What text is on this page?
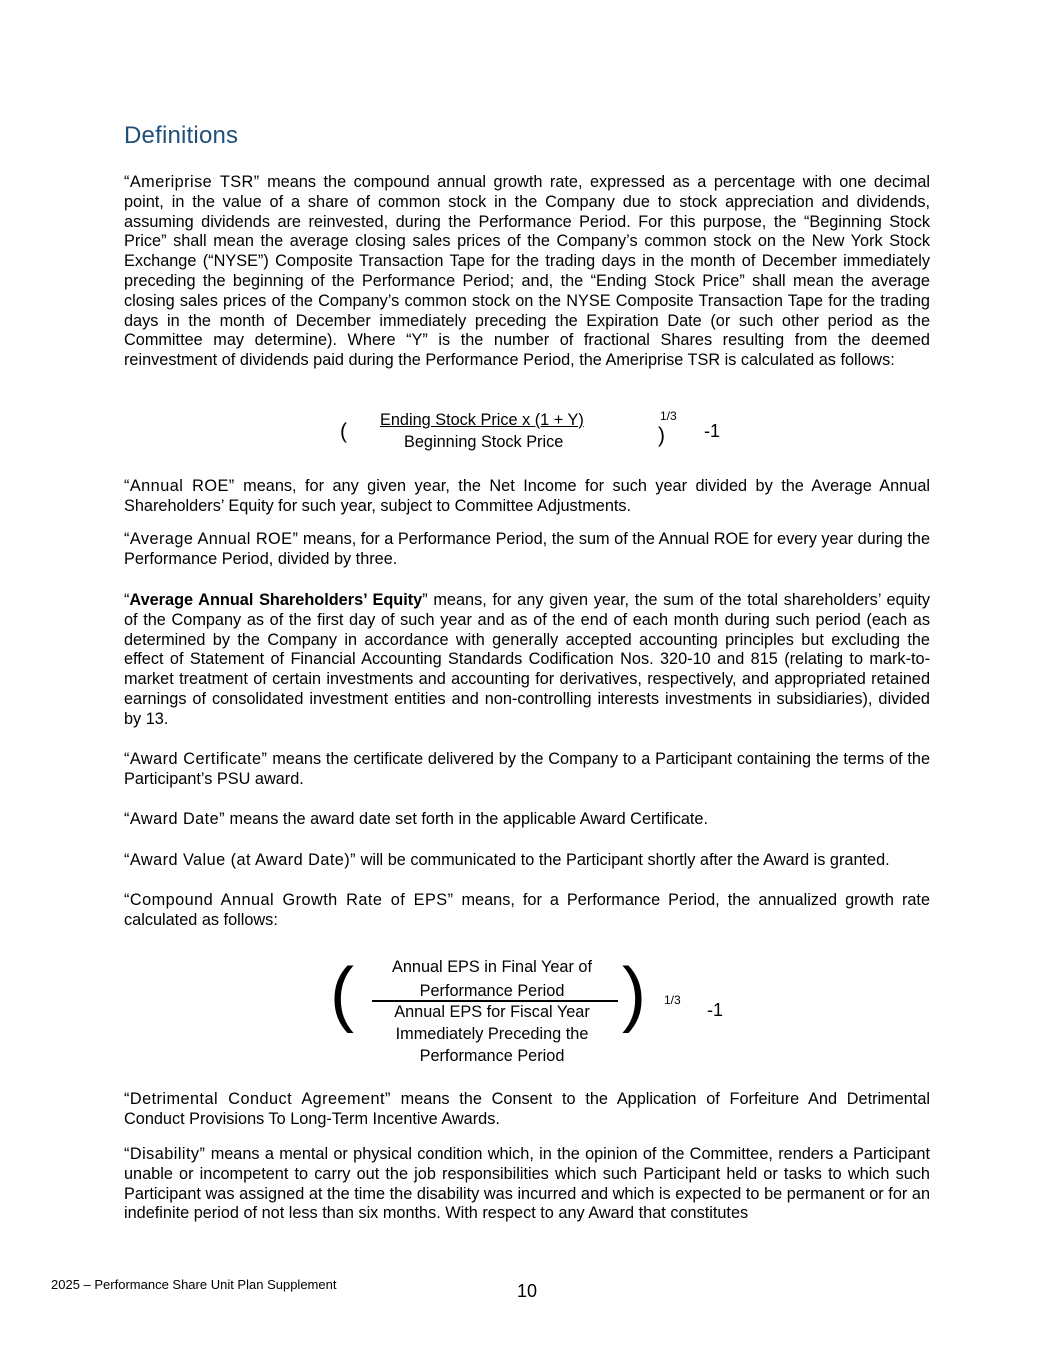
Definitions

“Ameriprise TSR” means the compound annual growth rate, expressed as a percentage with one decimal point, in the value of a share of common stock in the Company due to stock appreciation and dividends, assuming dividends are reinvested, during the Performance Period. For this purpose, the “Beginning Stock Price” shall mean the average closing sales prices of the Company’s common stock on the New York Stock Exchange (“NYSE”) Composite Transaction Tape for the trading days in the month of December immediately preceding the beginning of the Performance Period; and, the “Ending Stock Price” shall mean the average closing sales prices of the Company’s common stock on the NYSE Composite Transaction Tape for the trading days in the month of December immediately preceding the Expiration Date (or such other period as the Committee may determine). Where “Y” is the number of fractional Shares resulting from the deemed reinvestment of dividends paid during the Performance Period, the Ameriprise TSR is calculated as follows:

( Ending Stock Price x (1 + Y)
Beginning Stock Price	)
1/3
-1

“Annual ROE” means, for any given year, the Net Income for such year divided by the Average Annual Shareholders’ Equity for such year, subject to Committee Adjustments.

“Average Annual ROE” means, for a Performance Period, the sum of the Annual ROE for every year during the Performance Period, divided by three.

“Average Annual Shareholders’ Equity” means, for any given year, the sum of the total shareholders’ equity of the Company as of the first day of such year and as of the end of each month during such period (each as determined by the Company in accordance with generally accepted accounting principles but excluding the effect of Statement of Financial Accounting Standards Codification Nos. 320-10 and 815 (relating to mark-to-market treatment of certain investments and accounting for derivatives, respectively, and appropriated retained earnings of consolidated investment entities and non-controlling interests investments in subsidiaries), divided by 13.

“Award Certificate” means the certificate delivered by the Company to a Participant containing the terms of the Participant’s PSU award.

“Award Date” means the award date set forth in the applicable Award Certificate.

“Award Value (at Award Date)” will be communicated to the Participant shortly after the Award is granted.

“Compound Annual Growth Rate of EPS” means, for a Performance Period, the annualized growth rate calculated as follows:

(	Annual EPS in Final Year of
Performance Period
Annual EPS for Fiscal Year
Immediately Preceding the
Performance Period
) 1/3 -1

“Detrimental Conduct Agreement” means the Consent to the Application of Forfeiture And Detrimental Conduct Provisions To Long-Term Incentive Awards.

“Disability” means a mental or physical condition which, in the opinion of the Committee, renders a Participant unable or incompetent to carry out the job responsibilities which such Participant held or tasks to which such Participant was assigned at the time the disability was incurred and which is expected to be permanent or for an indefinite period of not less than six months. With respect to any Award that constitutes

2025 – Performance Share Unit Plan Supplement	10
